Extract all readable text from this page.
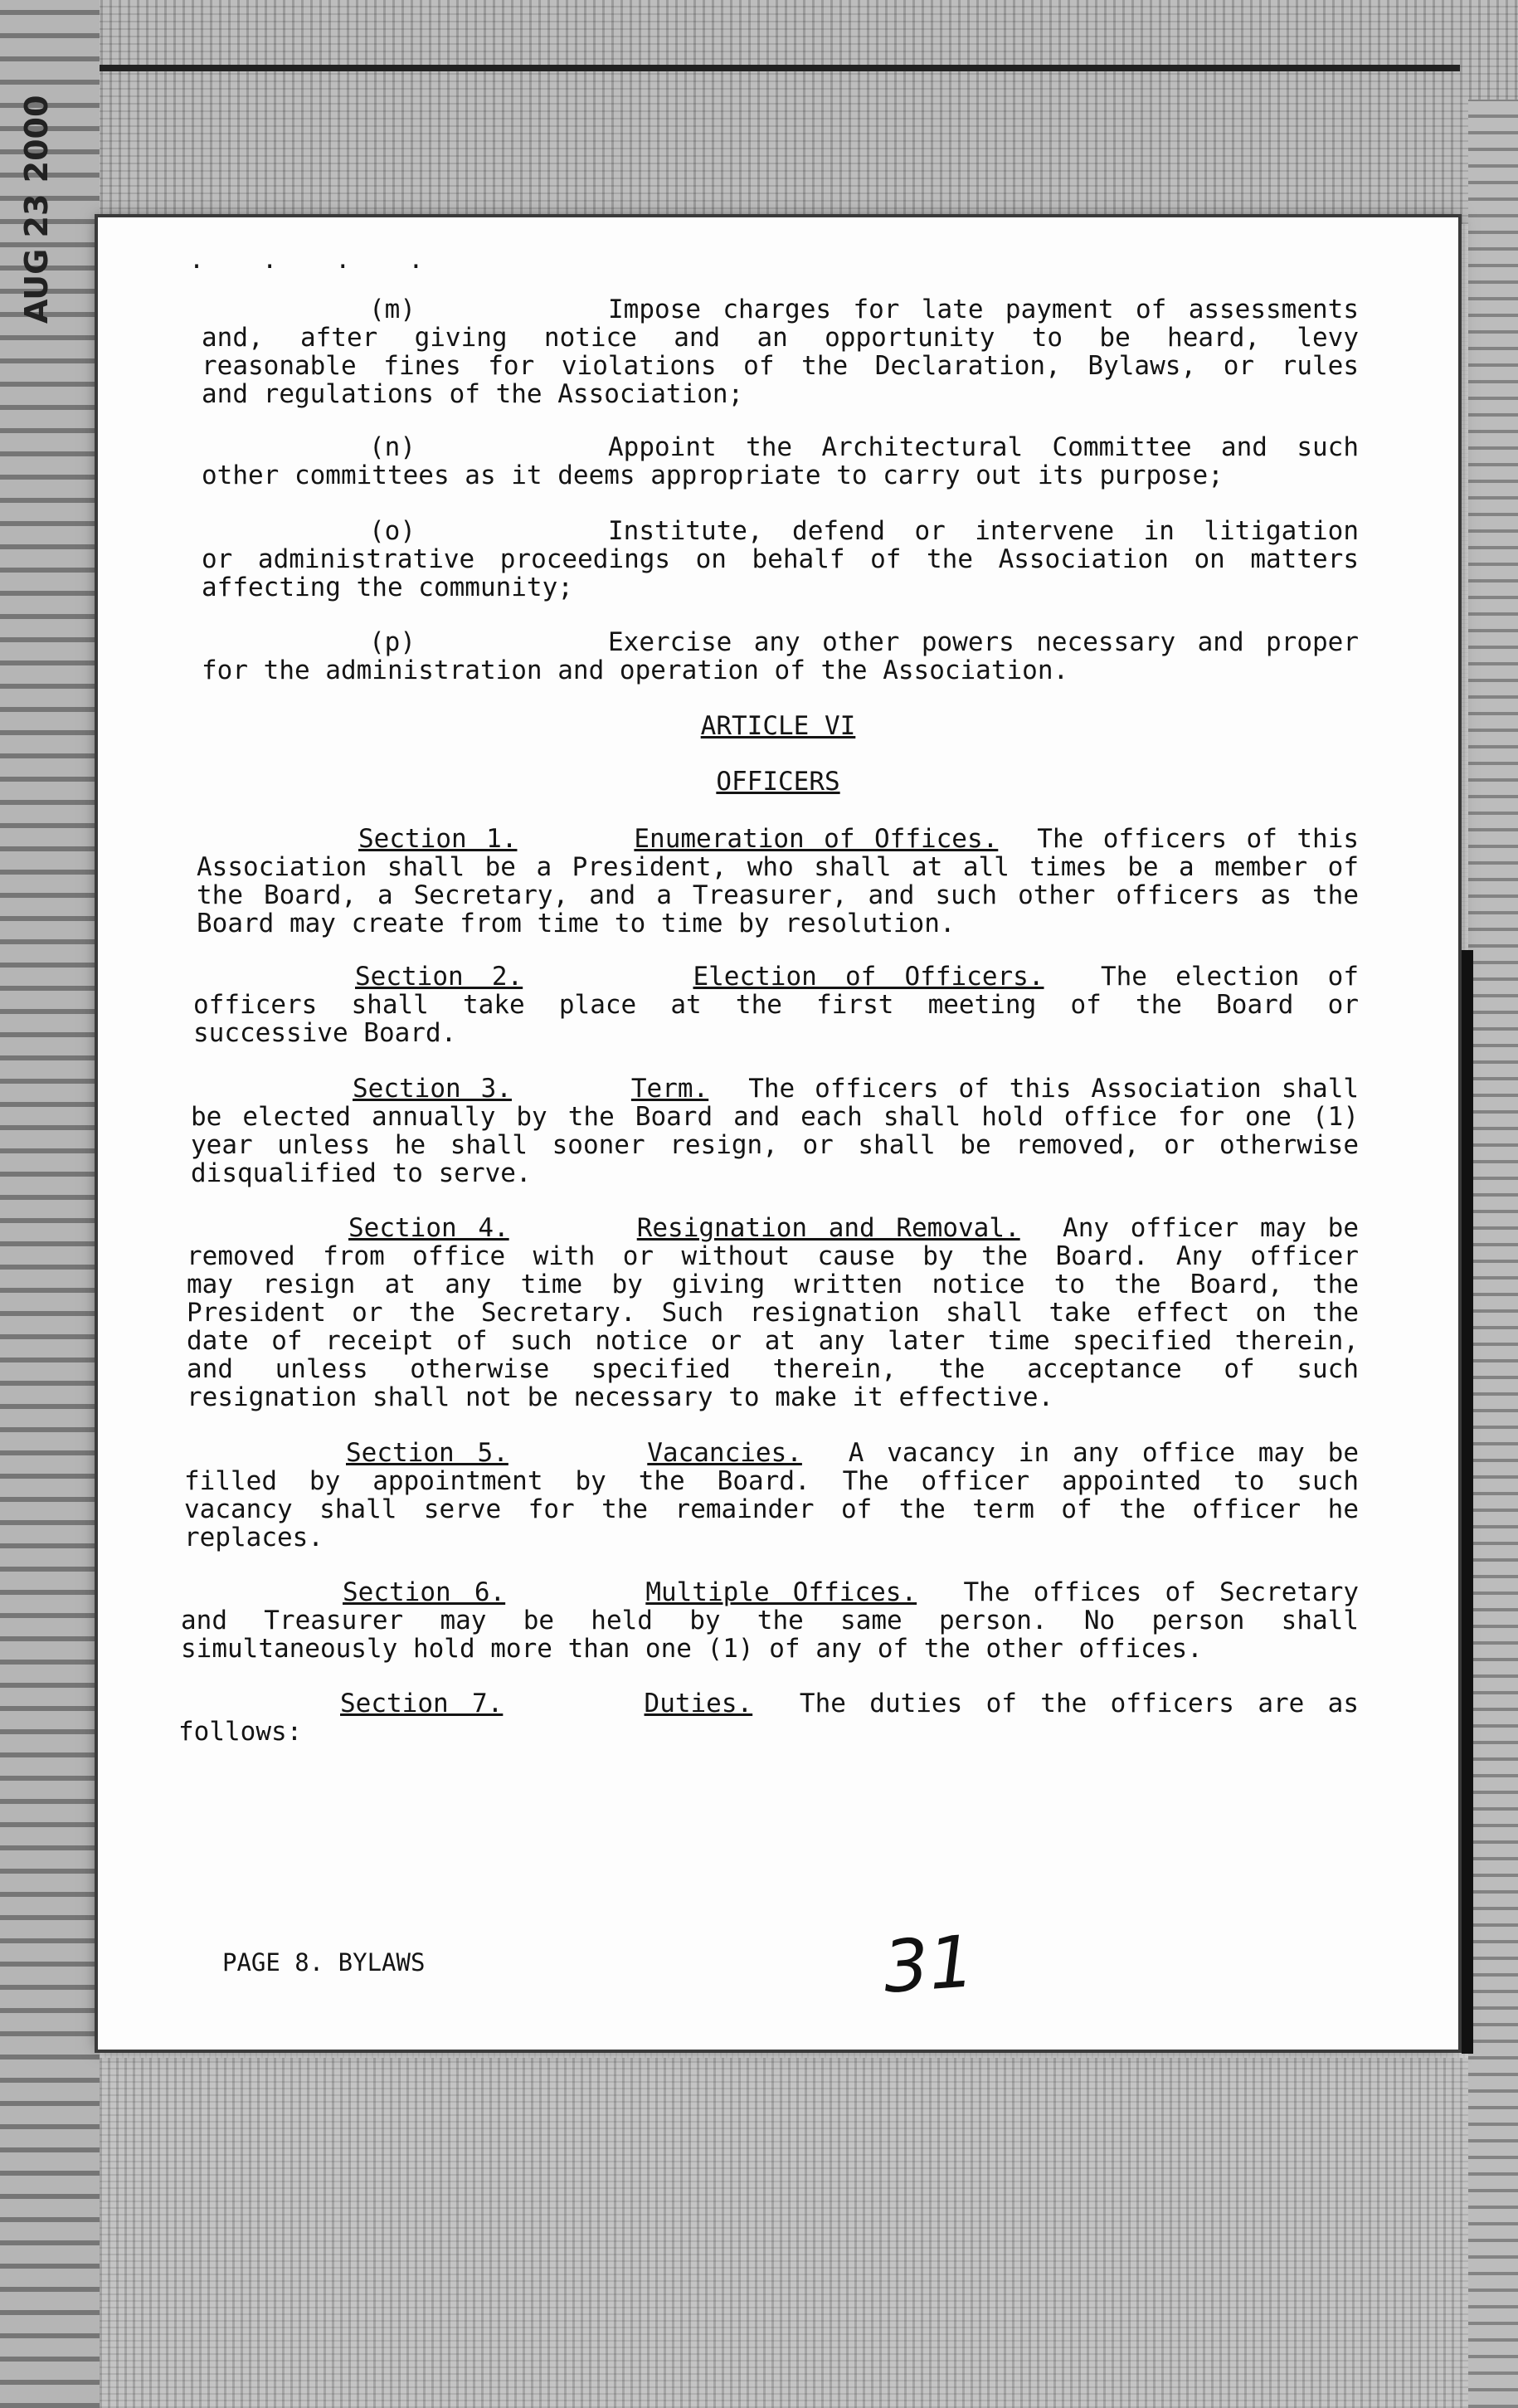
AUG 23 2000	. . . .
(m)	Impose charges for late payment of assessments
and, after giving notice and an opportunity to be heard, levy
reasonable fines for violations of the Declaration, Bylaws, or rules
and regulations of the Association;
(n)	Appoint the Architectural Committee and such
other committees as it deems appropriate to carry out its purpose;
(o)	Institute, defend or intervene in litigation
or administrative proceedings on behalf of the Association on matters
affecting the community;
(p)	Exercise any other powers necessary and proper
for the administration and operation of the Association.
ARTICLE VI
OFFICERS
Section 1.	Enumeration of Offices. The officers of this
Association shall be a President, who shall at all times be a member of
the Board, a Secretary, and a Treasurer, and such other officers as the
Board may create from time to time by resolution.
Section 2.	Election of Officers. The election of
officers shall take place at the first meeting of the Board or
successive Board.
Section 3.	Term. The officers of this Association shall
be elected annually by the Board and each shall hold office for one (1)
year unless he shall sooner resign, or shall be removed, or otherwise
disqualified to serve.
Section 4.	Resignation and Removal. Any officer may be
removed from office with or without cause by the Board. Any officer
may resign at any time by giving written notice to the Board, the
President or the Secretary. Such resignation shall take effect on the
date of receipt of such notice or at any later time specified therein,
and unless otherwise specified therein, the acceptance of such
resignation shall not be necessary to make it effective.
Section 5.	Vacancies. A vacancy in any office may be
filled by appointment by the Board. The officer appointed to such
vacancy shall serve for the remainder of the term of the officer he
replaces.
Section 6.	Multiple Offices. The offices of Secretary
and Treasurer may be held by the same person. No person shall
simultaneously hold more than one (1) of any of the other offices.
Section 7.	Duties. The duties of the officers are as
follows:
PAGE 8. BYLAWS	31
